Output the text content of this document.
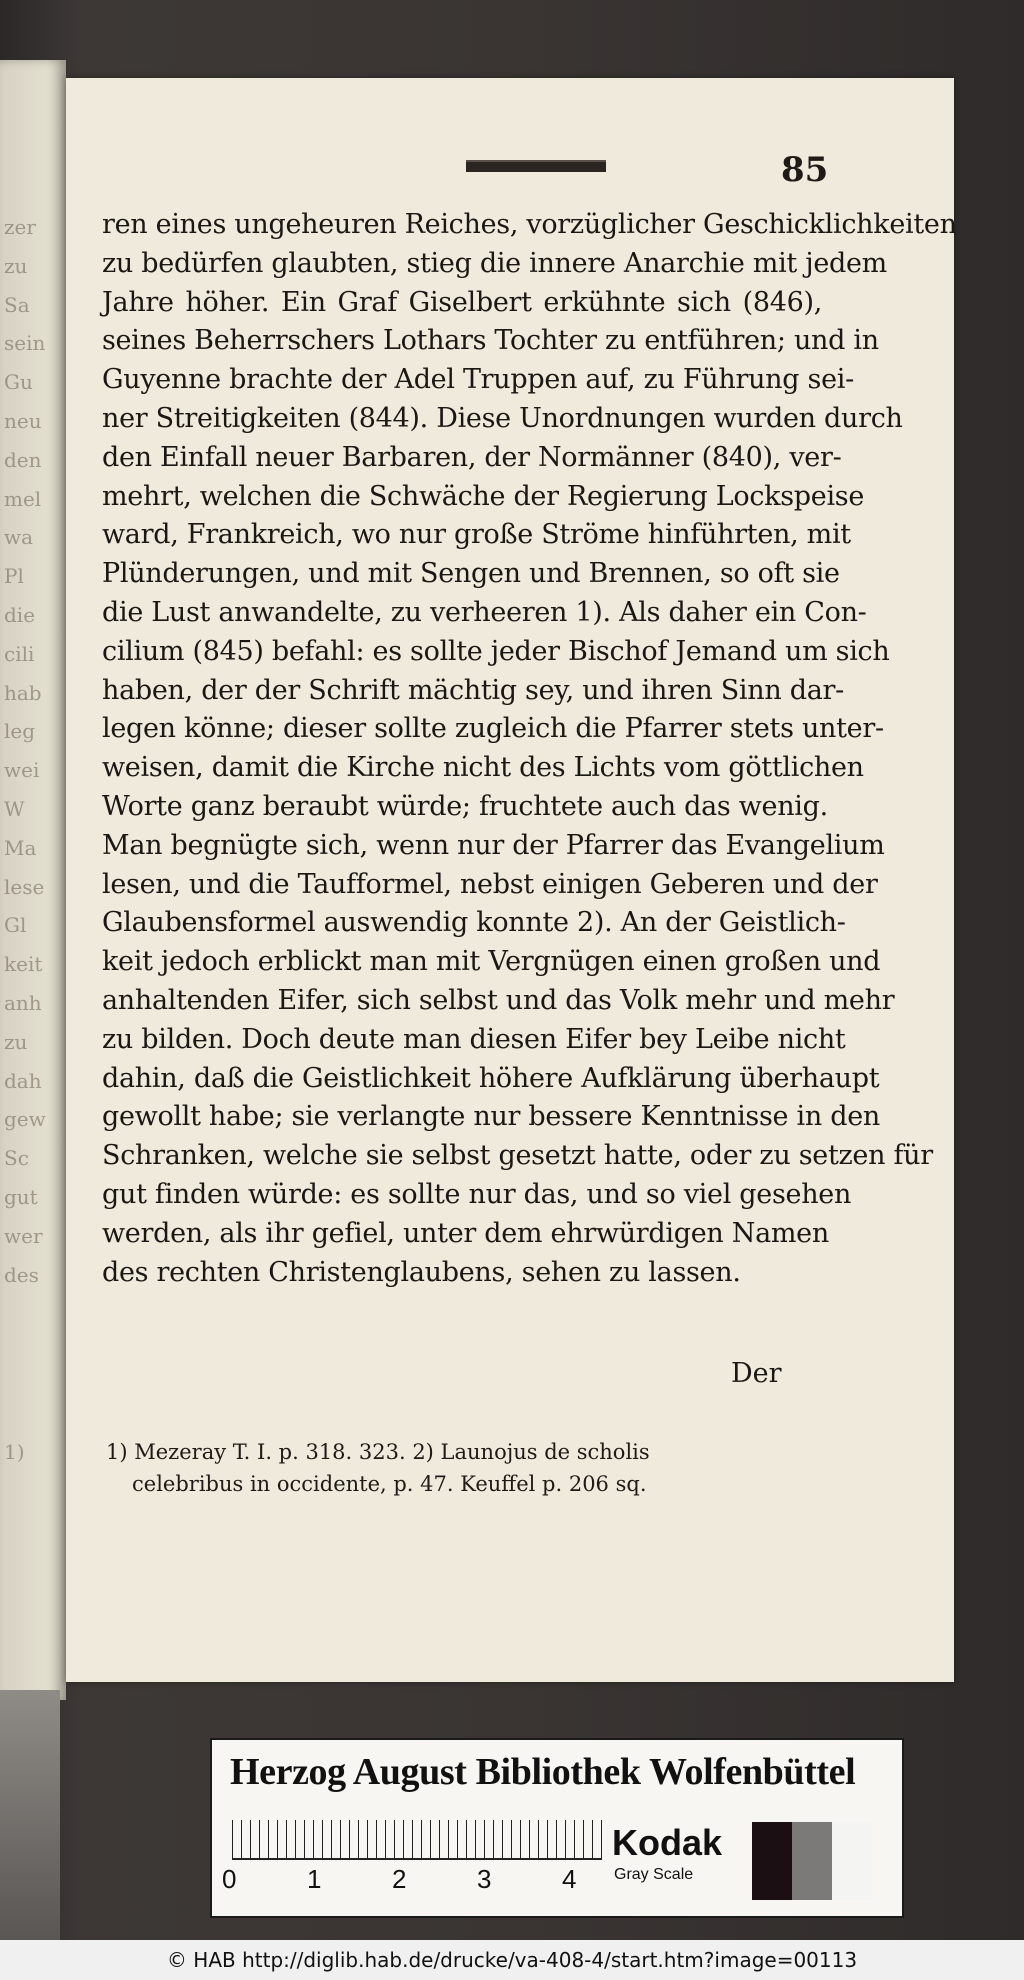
zer
zu
Sa
sein
Gu
neu
den
mel
wa
Pl
die
cili
hab
leg
wei
W
Ma
lese
Gl
keit
anh
zu
dah
gew
Sc
gut
wer
des
1)
85
ren eines ungeheuren Reiches, vorzüglicher Geschicklichkeiten
zu bedürfen glaubten, stieg die innere Anarchie mit jedem
Jahre höher. Ein Graf Giselbert erkühnte sich (846),
seines Beherrschers Lothars Tochter zu entführen; und in
Guyenne brachte der Adel Truppen auf, zu Führung sei-
ner Streitigkeiten (844). Diese Unordnungen wurden durch
den Einfall neuer Barbaren, der Normänner (840), ver-
mehrt, welchen die Schwäche der Regierung Lockspeise
ward, Frankreich, wo nur große Ströme hinführten, mit
Plünderungen, und mit Sengen und Brennen, so oft sie
die Lust anwandelte, zu verheeren 1). Als daher ein Con-
cilium (845) befahl: es sollte jeder Bischof Jemand um sich
haben, der der Schrift mächtig sey, und ihren Sinn dar-
legen könne; dieser sollte zugleich die Pfarrer stets unter-
weisen, damit die Kirche nicht des Lichts vom göttlichen
Worte ganz beraubt würde; fruchtete auch das wenig.
Man begnügte sich, wenn nur der Pfarrer das Evangelium
lesen, und die Taufformel, nebst einigen Geberen und der
Glaubensformel auswendig konnte 2). An der Geistlich-
keit jedoch erblickt man mit Vergnügen einen großen und
anhaltenden Eifer, sich selbst und das Volk mehr und mehr
zu bilden. Doch deute man diesen Eifer bey Leibe nicht
dahin, daß die Geistlichkeit höhere Aufklärung überhaupt
gewollt habe; sie verlangte nur bessere Kenntnisse in den
Schranken, welche sie selbst gesetzt hatte, oder zu setzen für
gut finden würde: es sollte nur das, und so viel gesehen
werden, als ihr gefiel, unter dem ehrwürdigen Namen
des rechten Christenglaubens, sehen zu lassen.
Der
1) Mezeray T. I. p. 318. 323. 2) Launojus de scholis
celebribus in occidente, p. 47. Keuffel p. 206 sq.
Herzog August Bibliothek Wolfenbüttel
0	1	2	3	4
Kodak
Gray Scale
© HAB http://diglib.hab.de/drucke/va-408-4/start.htm?image=00113
